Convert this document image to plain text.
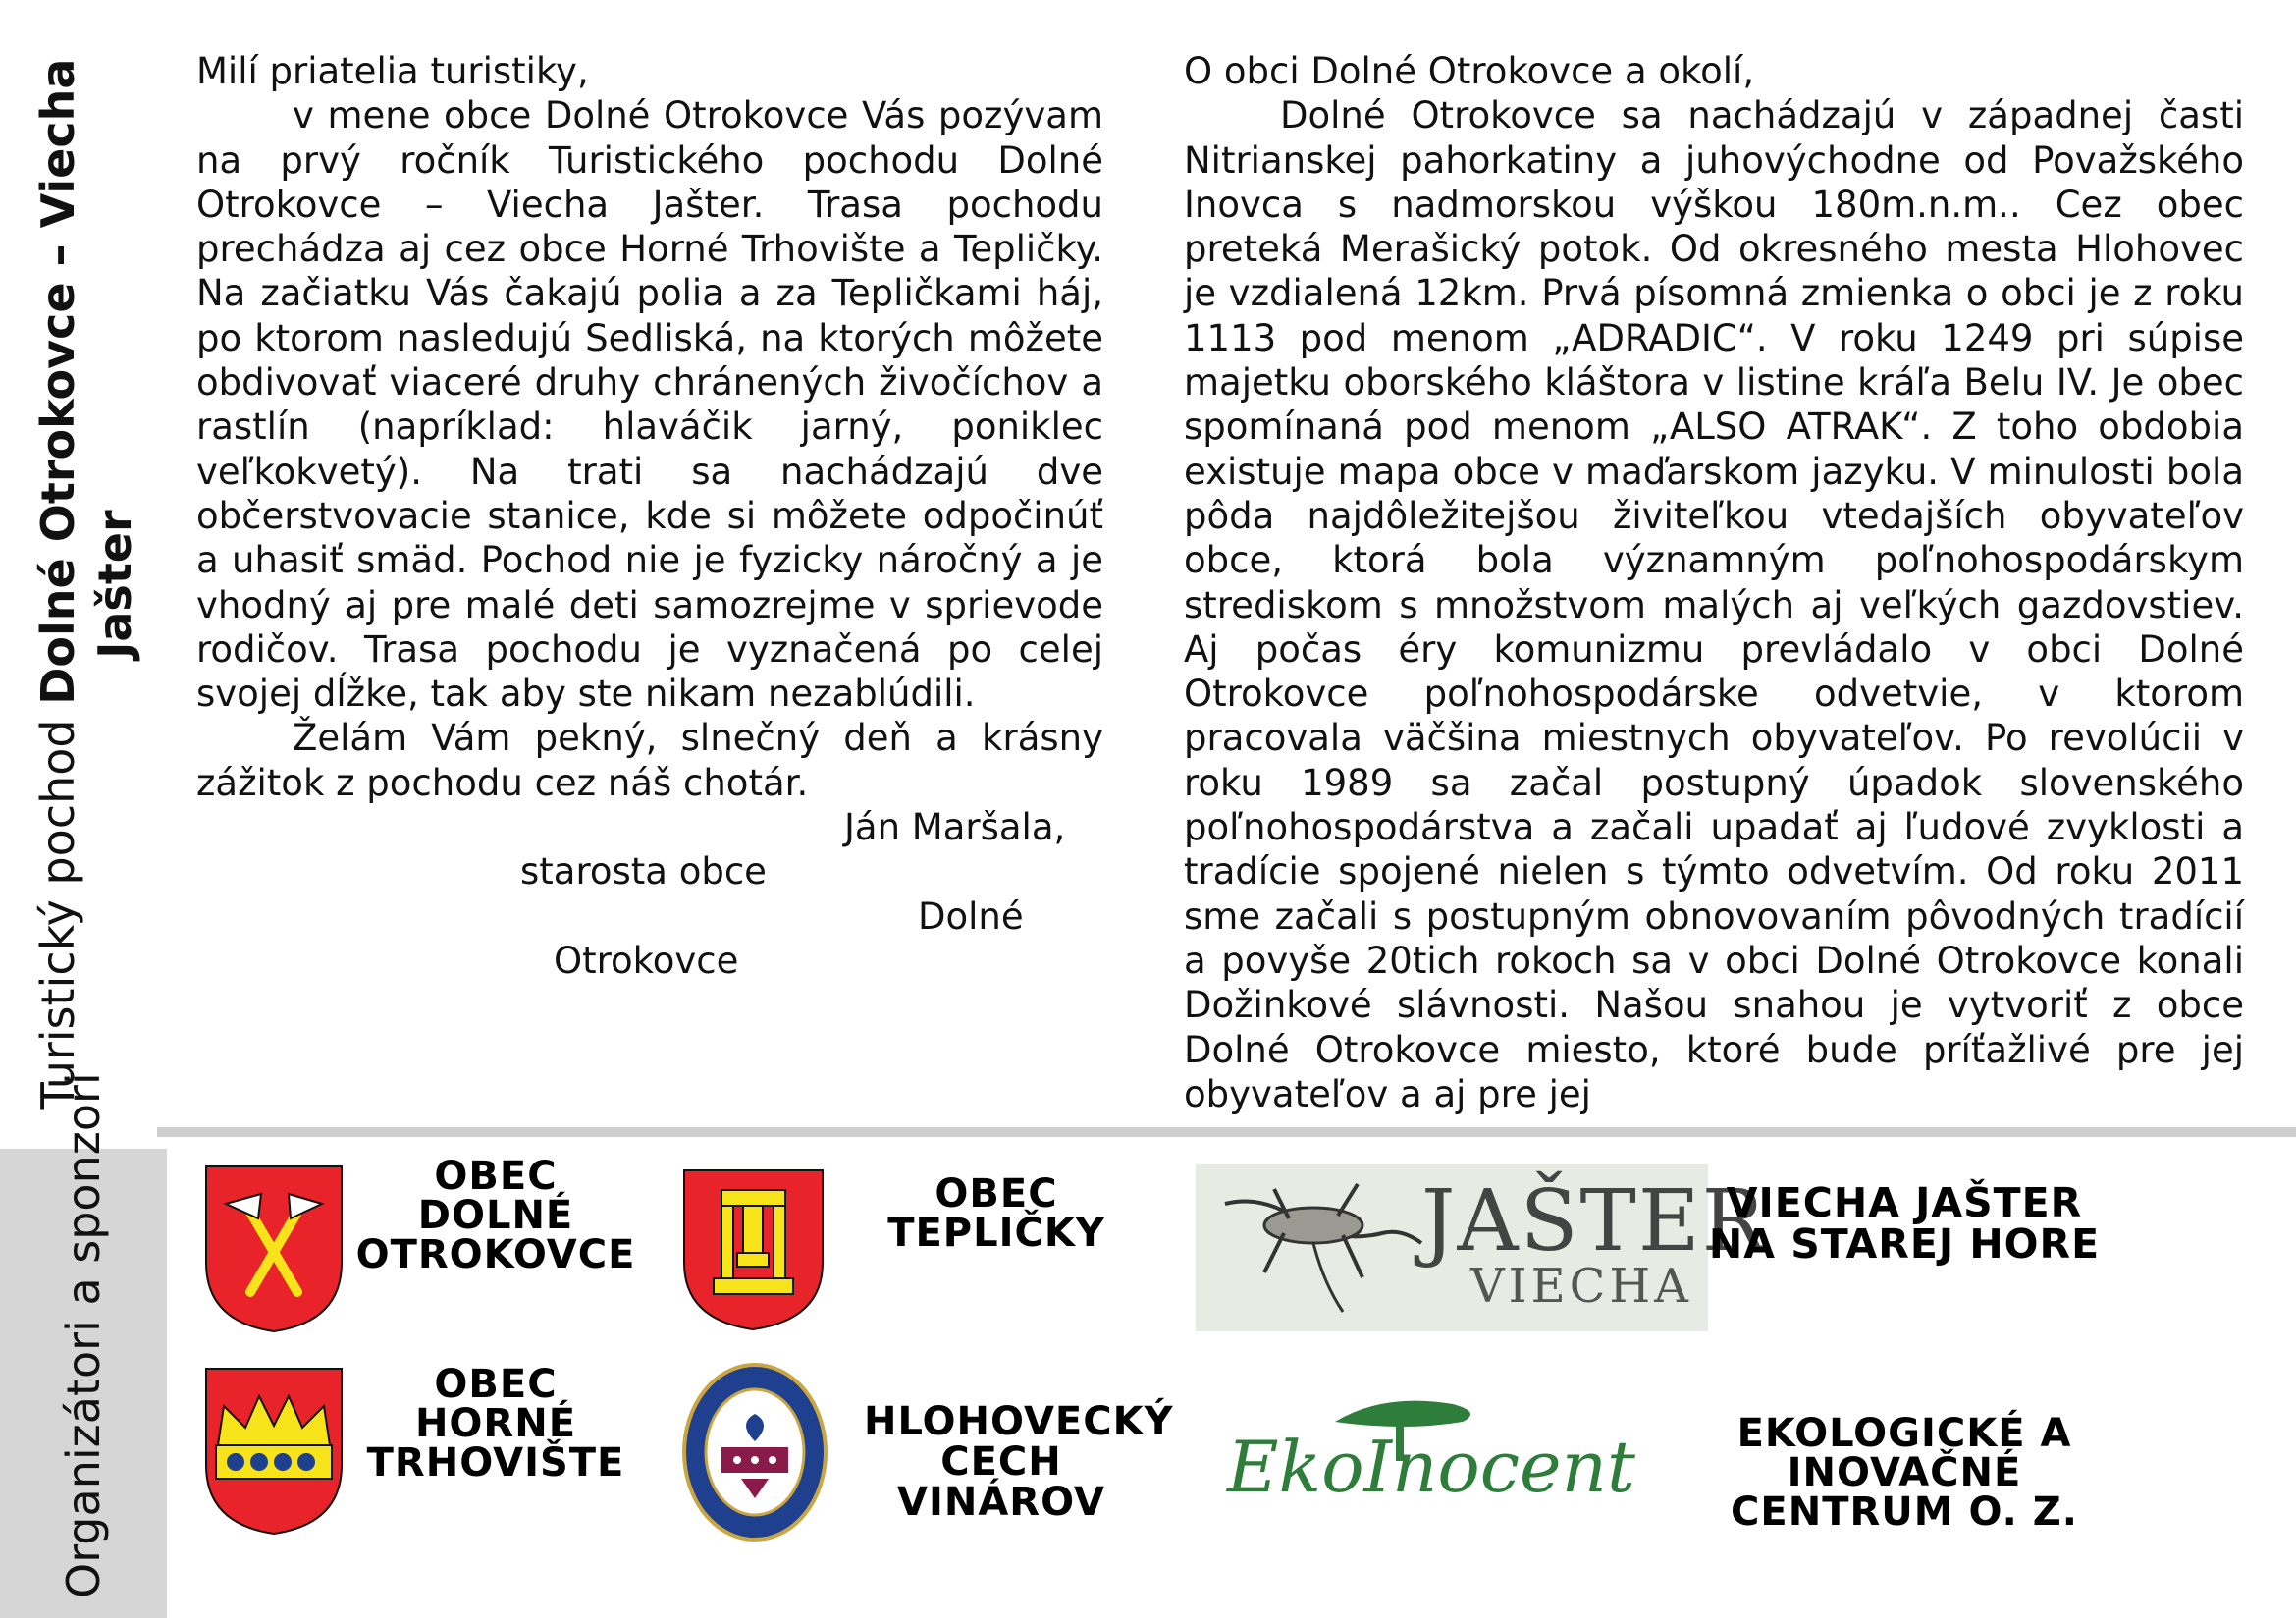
Turistický pochod Dolné Otrokovce – Viecha Jašter
Organizátori a sponzori

Milí priatelia turistiky,

v mene obce Dolné Otrokovce Vás pozývam na prvý ročník Turistického pochodu Dolné Otrokovce – Viecha Jašter. Trasa pochodu prechádza aj cez obce Horné Trhovište a Tepličky. Na začiatku Vás čakajú polia a za Tepličkami háj, po ktorom nasledujú Sedliská, na ktorých môžete obdivovať viaceré druhy chránených živočíchov a rastlín (napríklad: hlaváčik jarný, poniklec veľkokvetý). Na trati sa nachádzajú dve občerstvovacie stanice, kde si môžete odpočinúť a uhasiť smäd. Pochod nie je fyzicky náročný a je vhodný aj pre malé deti samozrejme v sprievode rodičov. Trasa pochodu je vyznačená po celej svojej dĺžke, tak aby ste nikam nezablúdili.

Želám Vám pekný, slnečný deň a krásny zážitok z pochodu cez náš chotár.

Ján Maršala,

starosta obce

Dolné

Otrokovce

O obci Dolné Otrokovce a okolí,

Dolné Otrokovce sa nachádzajú v západnej časti Nitrianskej pahorkatiny a juhovýchodne od Považského Inovca s nadmorskou výškou 180m.n.m.. Cez obec preteká Merašický potok. Od okresného mesta Hlohovec je vzdialená 12km. Prvá písomná zmienka o obci je z roku 1113 pod menom „ADRADIC“. V roku 1249 pri súpise majetku oborského kláštora v listine kráľa Belu IV. Je obec spomínaná pod menom „ALSO ATRAK“. Z toho obdobia existuje mapa obce v maďarskom jazyku. V minulosti bola pôda najdôležitejšou živiteľkou vtedajších obyvateľov obce, ktorá bola významným poľnohospodárskym strediskom s množstvom malých aj veľkých gazdovstiev. Aj počas éry komunizmu prevládalo v obci Dolné Otrokovce poľnohospodárske odvetvie, v ktorom pracovala väčšina miestnych obyvateľov. Po revolúcii v roku 1989 sa začal postupný úpadok slovenského poľnohospodárstva a začali upadať aj ľudové zvyklosti a tradície spojené nielen s týmto odvetvím. Od roku 2011 sme začali s postupným obnovovaním pôvodných tradícií a povyše 20tich rokoch sa v obci Dolné Otrokovce konali Dožinkové slávnosti. Našou snahou je vytvoriť z obce Dolné Otrokovce miesto, ktoré bude príťažlivé pre jej obyvateľov a aj pre jej

OBEC DOLNÉ OTROKOVCE
OBEC TEPLIČKY	JAŠTER
VIECHA
VIECHA JAŠTER NA STAREJ HORE
OBEC HORNÉ TRHOVIŠTE
HLOHOVECKÝ CECH VINÁROV	EkoInocent	EKOLOGICKÉ A INOVAČNÉ CENTRUM O. Z.
